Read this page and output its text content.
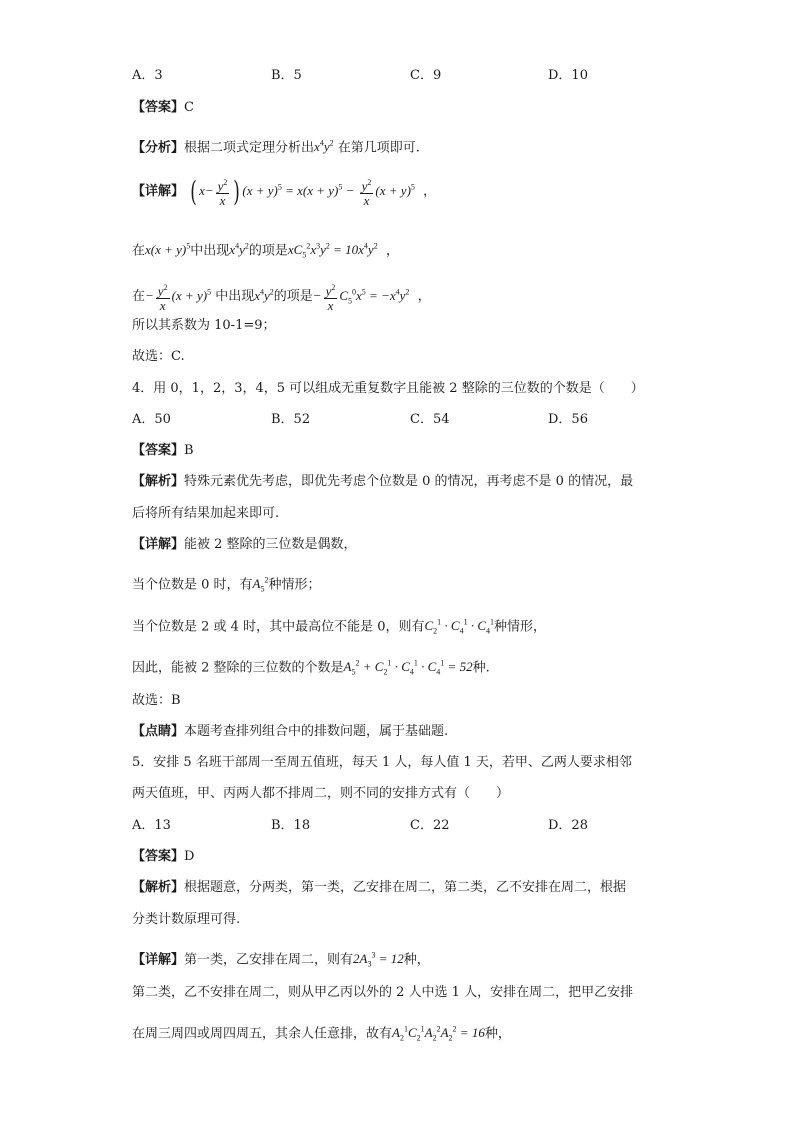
A．3	B．5	C．9	D．10
【答案】C
【分析】根据二项式定理分析出$x^4y^2$ 在第几项即可.
【详解】 ( $x- \frac{y^2}{x}$ ) $(x + y)^5 = x(x + y)^5 - \frac{y^2}{x} (x + y)^5$  ，
在$x(x + y)^5$中出现$x^4y^2$的项是$xC_5^2x^3y^2 = 10x^4y^2$  ，
在− $\frac{y^2}{x} (x + y)^5$ 中出现$x^4y^2$的项是− $\frac{y^2}{x} C_5^0x^5 = -x^4y^2$  ，
所以其系数为 10-1=9；
故选：C.
4．用 0，1，2，3，4，5 可以组成无重复数字且能被 2 整除的三位数的个数是（　　）
A．50	B．52	C．54	D．56
【答案】B
【解析】特殊元素优先考虑，即优先考虑个位数是 0 的情况，再考虑不是 0 的情况，最
后将所有结果加起来即可.
【详解】能被 2 整除的三位数是偶数，
当个位数是 0 时，有$A_5^2$种情形；
当个位数是 2 或 4 时，其中最高位不能是 0，则有$C_2^1 \cdot C_4^1 \cdot C_4^1$种情形，
因此，能被 2 整除的三位数的个数是$A_5^2 + C_2^1 \cdot C_4^1 \cdot C_4^1 = 52$种.
故选：B
【点睛】本题考查排列组合中的排数问题，属于基础题.
5．安排 5 名班干部周一至周五值班，每天 1 人，每人值 1 天，若甲、乙两人要求相邻
两天值班，甲、丙两人都不排周二，则不同的安排方式有（　　）
A．13	B．18	C．22	D．28
【答案】D
【解析】根据题意，分两类，第一类，乙安排在周二，第二类，乙不安排在周二，根据
分类计数原理可得.
【详解】第一类，乙安排在周二，则有$2A_3^3 = 12$种，
第二类，乙不安排在周二，则从甲乙丙以外的 2 人中选 1 人，安排在周二，把甲乙安排
在周三周四或周四周五，其余人任意排，故有$A_2^1C_2^1A_2^2A_2^2 = 16$种，
